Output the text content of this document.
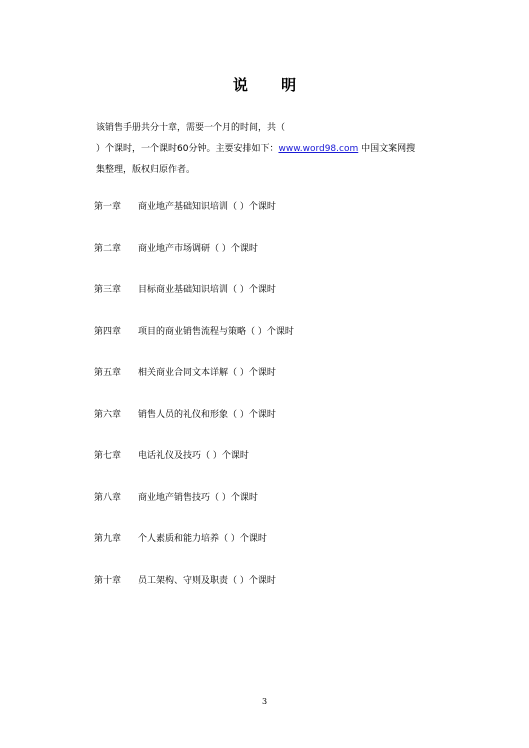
说 明
该销售手册共分十章，需要一个月的时间，共（
）个课时，一个课时60分钟。主要安排如下：www.word98.com 中国文案网搜
集整理，版权归原作者。
第一章 商业地产基础知识培训（ ）个课时
第二章 商业地产市场调研（ ）个课时
第三章 目标商业基础知识培训（ ）个课时
第四章 项目的商业销售流程与策略（ ）个课时
第五章 相关商业合同文本详解（ ）个课时
第六章 销售人员的礼仪和形象（ ）个课时
第七章 电话礼仪及技巧（ ）个课时
第八章 商业地产销售技巧（ ）个课时
第九章 个人素质和能力培养（ ）个课时
第十章 员工架构、守则及职责（ ）个课时
3
